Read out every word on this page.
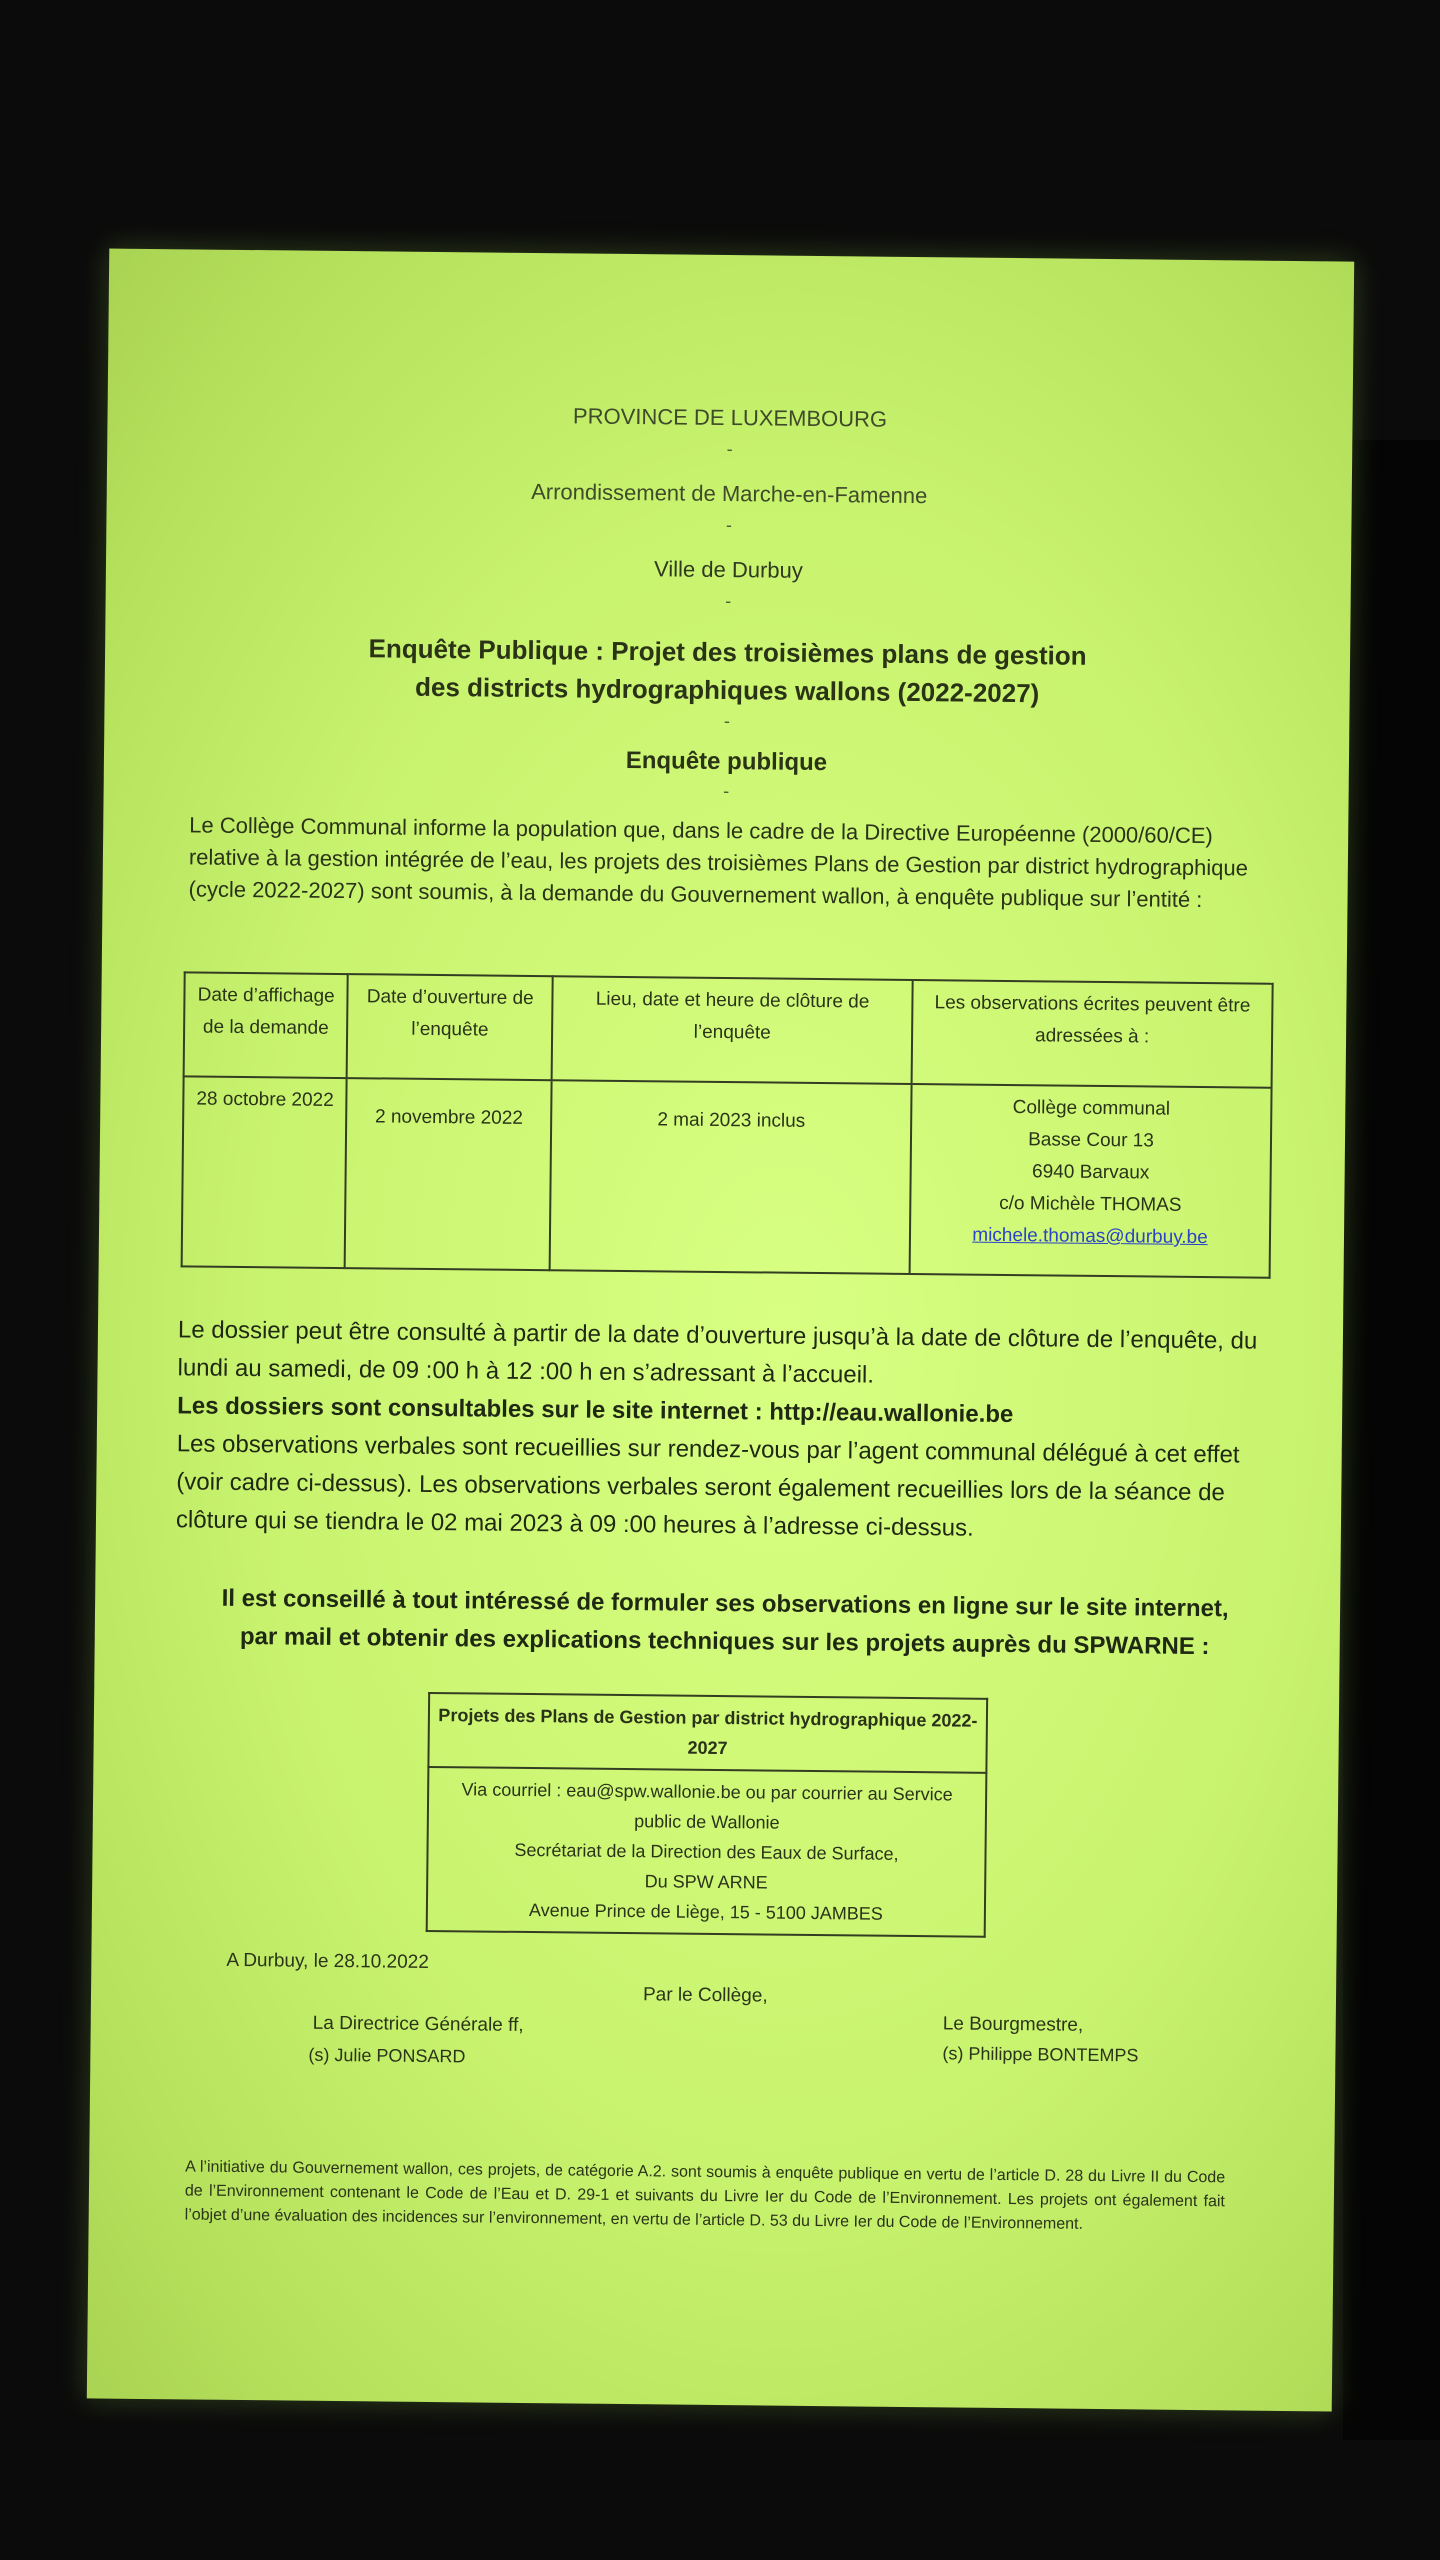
PROVINCE DE LUXEMBOURG
-
Arrondissement de Marche-en-Famenne
-
Ville de Durbuy
-
Enquête Publique : Projet des troisièmes plans de gestion
des districts hydrographiques wallons (2022-2027)
-
Enquête publique
-
Le Collège Communal informe la population que, dans le cadre de la Directive Européenne (2000/60/CE) relative à la gestion intégrée de l’eau, les projets des troisièmes Plans de Gestion par district hydrographique (cycle 2022-2027) sont soumis, à la demande du Gouvernement wallon, à enquête publique sur l’entité :
Date d’affichage de la demande	Date d’ouverture de l’enquête	Lieu, date et heure de clôture de l’enquête	Les observations écrites peuvent être adressées à :
28 octobre 2022	2 novembre 2022	2 mai 2023 inclus	Collège communal
Basse Cour 13
6940 Barvaux
c/o Michèle THOMAS
michele.thomas@durbuy.be
Le dossier peut être consulté à partir de la date d’ouverture jusqu’à la date de clôture de l’enquête, du lundi au samedi, de 09 :00 h à 12 :00 h en s’adressant à l’accueil.
Les dossiers sont consultables sur le site internet : http://eau.wallonie.be
Les observations verbales sont recueillies sur rendez-vous par l’agent communal délégué à cet effet (voir cadre ci-dessus). Les observations verbales seront également recueillies lors de la séance de clôture qui se tiendra le 02 mai 2023 à 09 :00 heures à l’adresse ci-dessus.
Il est conseillé à tout intéressé de formuler ses observations en ligne sur le site internet, par mail et obtenir des explications techniques sur les projets auprès du SPWARNE :
Projets des Plans de Gestion par district hydrographique 2022-2027

Via courriel : eau@spw.wallonie.be ou par courrier au Service public de Wallonie
Secrétariat de la Direction des Eaux de Surface,
Du SPW ARNE
Avenue Prince de Liège, 15 - 5100 JAMBES
A Durbuy, le 28.10.2022
Par le Collège,
La Directrice Générale ff,
(s) Julie PONSARD
Le Bourgmestre,
(s) Philippe BONTEMPS
A l’initiative du Gouvernement wallon, ces projets, de catégorie A.2. sont soumis à enquête publique en vertu de l’article D. 28 du Livre II du Code de l’Environnement contenant le Code de l’Eau et D. 29-1 et suivants du Livre Ier du Code de l’Environnement. Les projets ont également fait l’objet d’une évaluation des incidences sur l’environnement, en vertu de l’article D. 53 du Livre Ier du Code de l’Environnement.
